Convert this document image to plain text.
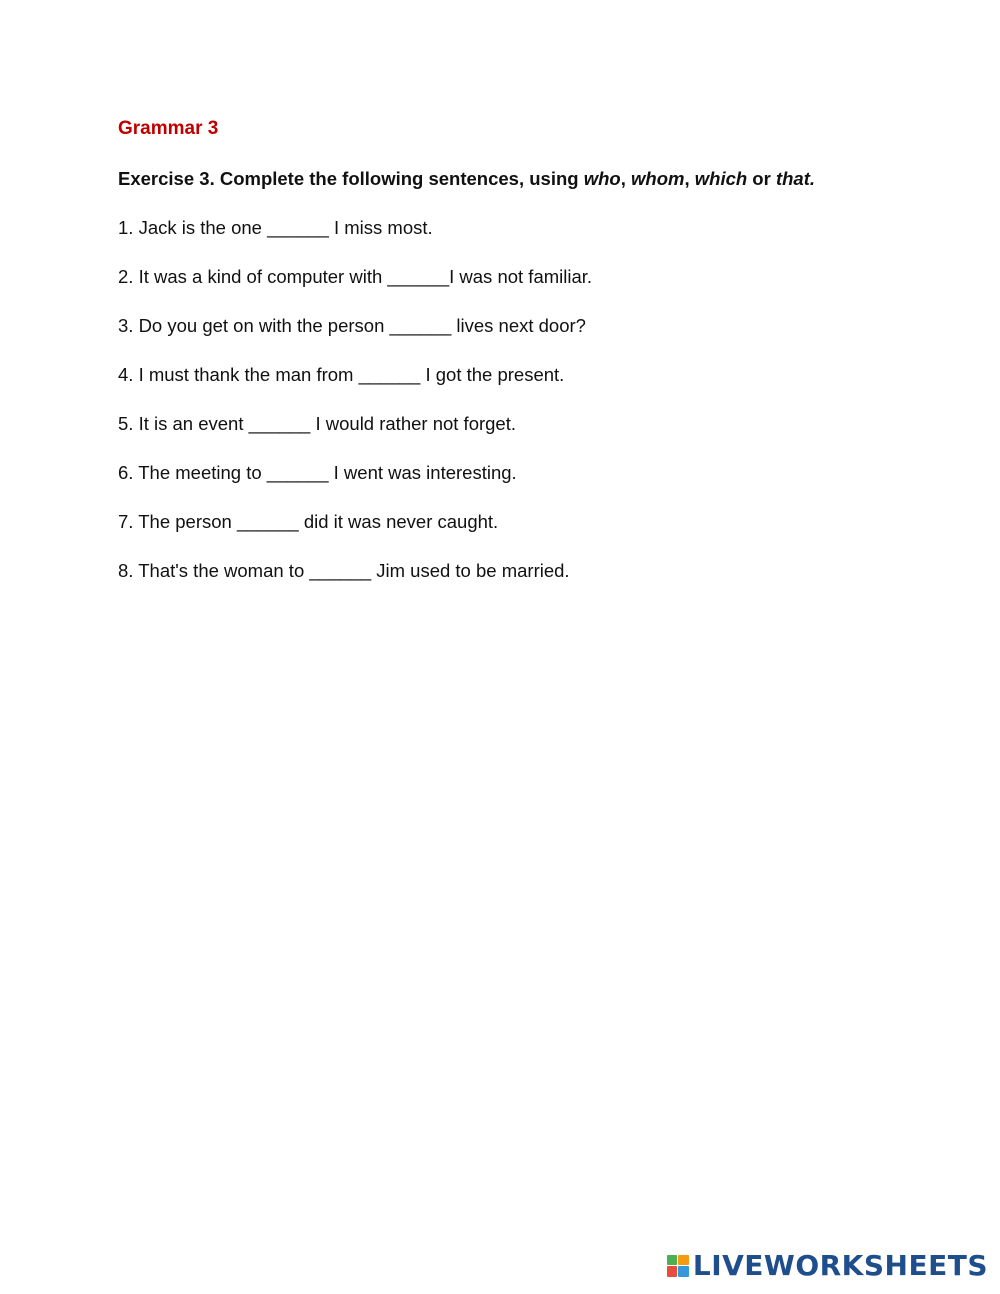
Grammar 3
Exercise 3. Complete the following sentences, using who, whom, which or that.
1. Jack is the one ______ I miss most.
2. It was a kind of computer with ______I was not familiar.
3. Do you get on with the person ______ lives next door?
4. I must thank the man from ______ I got the present.
5. It is an event ______ I would rather not forget.
6. The meeting to ______ I went was interesting.
7. The person ______ did it was never caught.
8. That's the woman to ______ Jim used to be married.
LIVEWORKSHEETS
